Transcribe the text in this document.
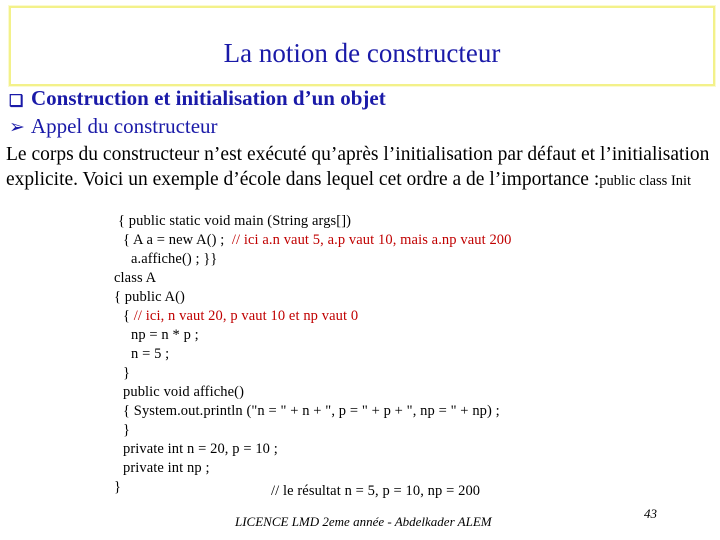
La notion de constructeur
❑ Construction et initialisation d’un objet
➢ Appel du constructeur
Le corps du constructeur n’est exécuté qu’après l’initialisation par défaut et l’initialisation explicite. Voici un exemple d’école dans lequel cet ordre a de l’importance :public class Init
{ public static void main (String args[])
{ A a = new A() ;  // ici a.n vaut 5, a.p vaut 10, mais a.np vaut 200
a.affiche() ; }}
class A
{ public A()
{ // ici, n vaut 20, p vaut 10 et np vaut 0
np = n * p ;
n = 5 ;
}
public void affiche()
{ System.out.println ("n = " + n + ", p = " + p + ", np = " + np) ;
}
private int n = 20, p = 10 ;
private int np ;
}	// le résultat n = 5, p = 10, np = 200
LICENCE LMD 2eme année - Abdelkader ALEM
43
